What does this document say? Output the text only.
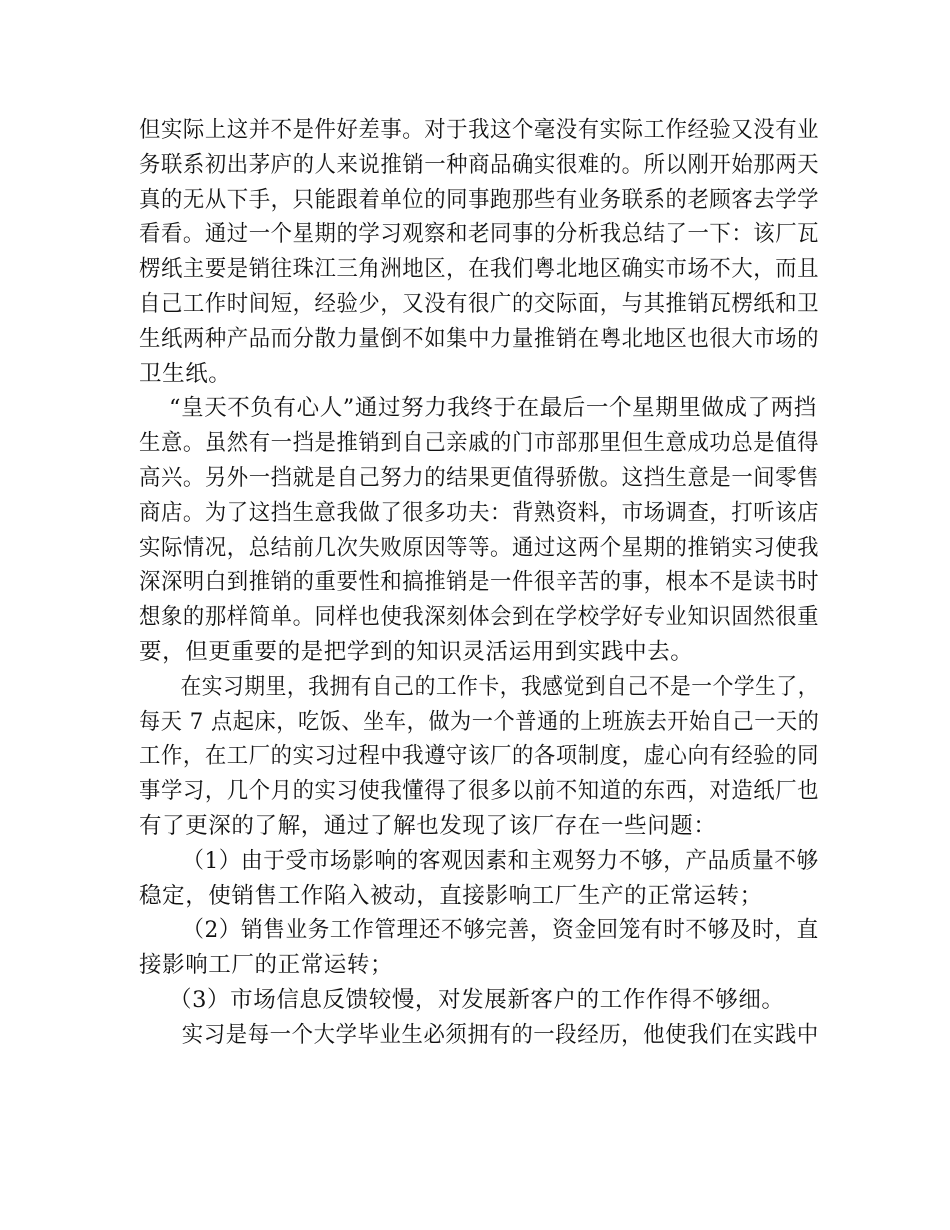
但实际上这并不是件好差事。对于我这个毫没有实际工作经验又没有业
务联系初出茅庐的人来说推销一种商品确实很难的。所以刚开始那两天
真的无从下手，只能跟着单位的同事跑那些有业务联系的老顾客去学学
看看。通过一个星期的学习观察和老同事的分析我总结了一下：该厂瓦
楞纸主要是销往珠江三角洲地区，在我们粤北地区确实市场不大，而且
自己工作时间短，经验少，又没有很广的交际面，与其推销瓦楞纸和卫
生纸两种产品而分散力量倒不如集中力量推销在粤北地区也很大市场的
卫生纸。
“皇天不负有心人”通过努力我终于在最后一个星期里做成了两挡
生意。虽然有一挡是推销到自己亲戚的门市部那里但生意成功总是值得
高兴。另外一挡就是自己努力的结果更值得骄傲。这挡生意是一间零售
商店。为了这挡生意我做了很多功夫：背熟资料，市场调查，打听该店
实际情况，总结前几次失败原因等等。通过这两个星期的推销实习使我
深深明白到推销的重要性和搞推销是一件很辛苦的事，根本不是读书时
想象的那样简单。同样也使我深刻体会到在学校学好专业知识固然很重
要，但更重要的是把学到的知识灵活运用到实践中去。
在实习期里，我拥有自己的工作卡，我感觉到自己不是一个学生了，
每天 7 点起床，吃饭、坐车，做为一个普通的上班族去开始自己一天的
工作，在工厂的实习过程中我遵守该厂的各项制度，虚心向有经验的同
事学习，几个月的实习使我懂得了很多以前不知道的东西，对造纸厂也
有了更深的了解，通过了解也发现了该厂存在一些问题：
（1）由于受市场影响的客观因素和主观努力不够，产品质量不够
稳定，使销售工作陷入被动，直接影响工厂生产的正常运转；
（2）销售业务工作管理还不够完善，资金回笼有时不够及时，直
接影响工厂的正常运转；
（3）市场信息反馈较慢，对发展新客户的工作作得不够细。
实习是每一个大学毕业生必须拥有的一段经历，他使我们在实践中
